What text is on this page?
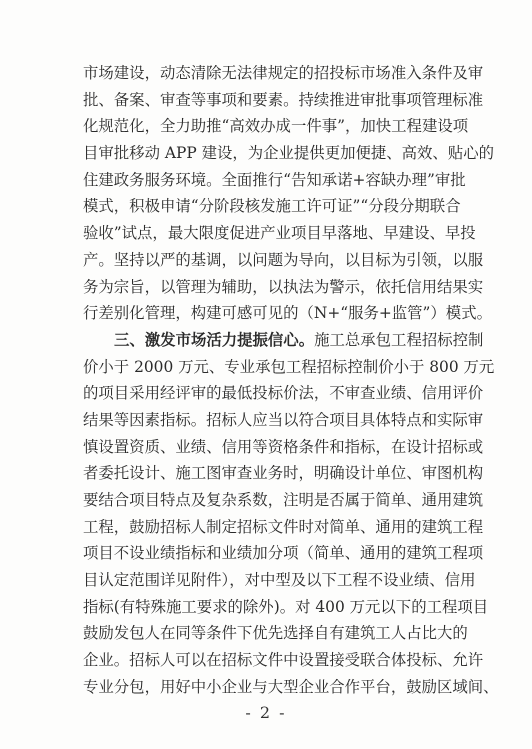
市场建设，动态清除无法律规定的招投标市场准入条件及审
批、备案、审查等事项和要素。持续推进审批事项管理标准
化规范化，全力助推“高效办成一件事”，加快工程建设项
目审批移动 APP 建设，为企业提供更加便捷、高效、贴心的
住建政务服务环境。全面推行“告知承诺+容缺办理”审批
模式，积极申请“分阶段核发施工许可证”“分段分期联合
验收”试点，最大限度促进产业项目早落地、早建设、早投
产。坚持以严的基调，以问题为导向，以目标为引领，以服
务为宗旨，以管理为辅助，以执法为警示，依托信用结果实
行差别化管理，构建可感可见的（N+“服务+监管”）模式。
三、激发市场活力提振信心。施工总承包工程招标控制
价小于 2000 万元、专业承包工程招标控制价小于 800 万元
的项目采用经评审的最低投标价法，不审查业绩、信用评价
结果等因素指标。招标人应当以符合项目具体特点和实际审
慎设置资质、业绩、信用等资格条件和指标，在设计招标或
者委托设计、施工图审查业务时，明确设计单位、审图机构
要结合项目特点及复杂系数，注明是否属于简单、通用建筑
工程，鼓励招标人制定招标文件时对简单、通用的建筑工程
项目不设业绩指标和业绩加分项（简单、通用的建筑工程项
目认定范围详见附件），对中型及以下工程不设业绩、信用
指标(有特殊施工要求的除外)。对 400 万元以下的工程项目
鼓励发包人在同等条件下优先选择自有建筑工人占比大的
企业。招标人可以在招标文件中设置接受联合体投标、允许
专业分包，用好中小企业与大型企业合作平台，鼓励区域间、
- 2 -
